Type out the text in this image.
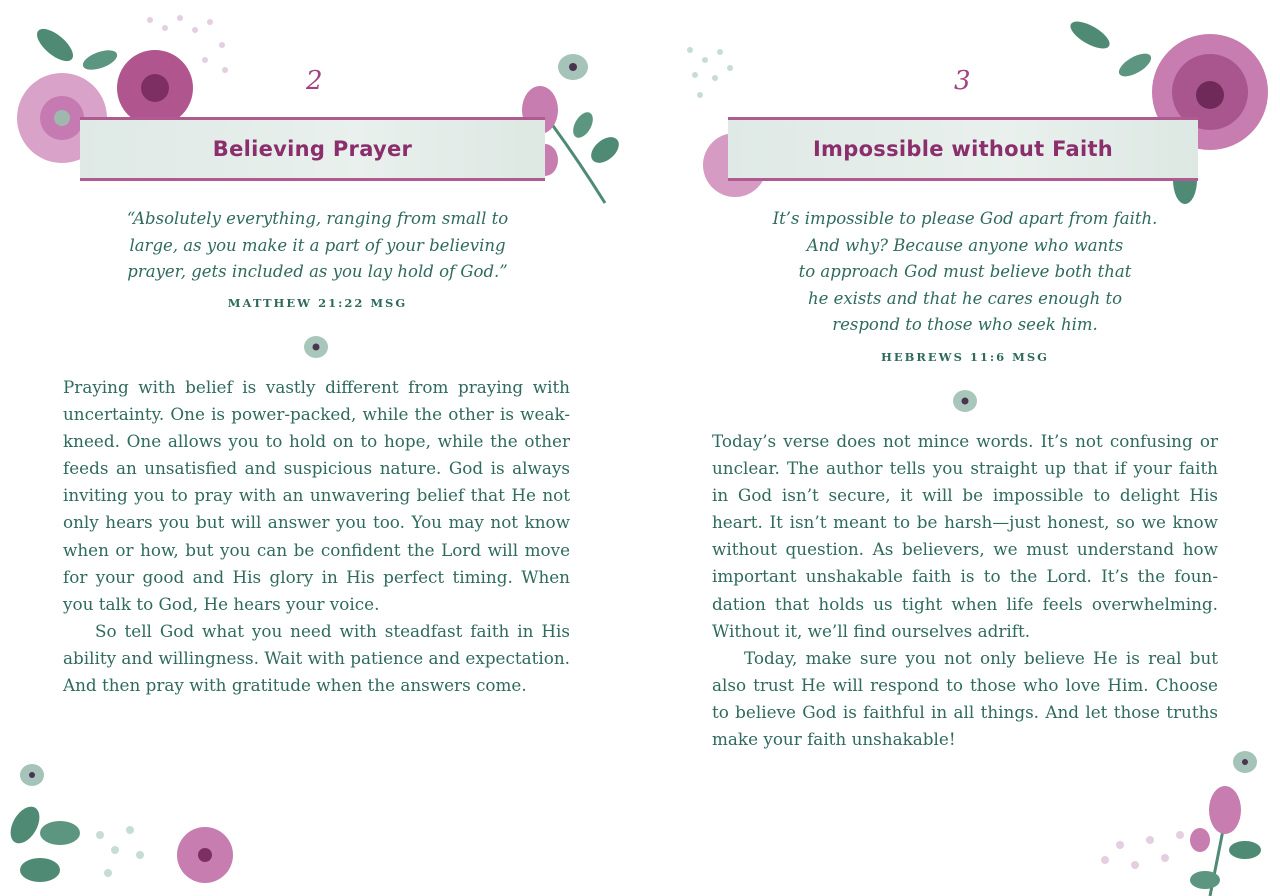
2
Believing Prayer
“Absolutely everything, ranging from small to
large, as you make it a part of your believing
prayer, gets included as you lay hold of God.”
MATTHEW 21:22 MSG
Praying with belief is vastly different from praying with
uncertainty. One is power-packed, while the other is weak-
kneed. One allows you to hold on to hope, while the other
feeds an unsatisfied and suspicious nature. God is always
inviting you to pray with an unwavering belief that He not
only hears you but will answer you too. You may not know
when or how, but you can be confident the Lord will move
for your good and His glory in His perfect timing. When
you talk to God, He hears your voice.
So tell God what you need with steadfast faith in His
ability and willingness. Wait with patience and expectation.
And then pray with gratitude when the answers come.
3
Impossible without Faith
It’s impossible to please God apart from faith.
And why? Because anyone who wants
to approach God must believe both that
he exists and that he cares enough to
respond to those who seek him.
HEBREWS 11:6 MSG
Today’s verse does not mince words. It’s not confusing or
unclear. The author tells you straight up that if your faith
in God isn’t secure, it will be impossible to delight His
heart. It isn’t meant to be harsh—just honest, so we know
without question. As believers, we must understand how
important unshakable faith is to the Lord. It’s the foun-
dation that holds us tight when life feels overwhelming.
Without it, we’ll find ourselves adrift.
Today, make sure you not only believe He is real but
also trust He will respond to those who love Him. Choose
to believe God is faithful in all things. And let those truths
make your faith unshakable!
